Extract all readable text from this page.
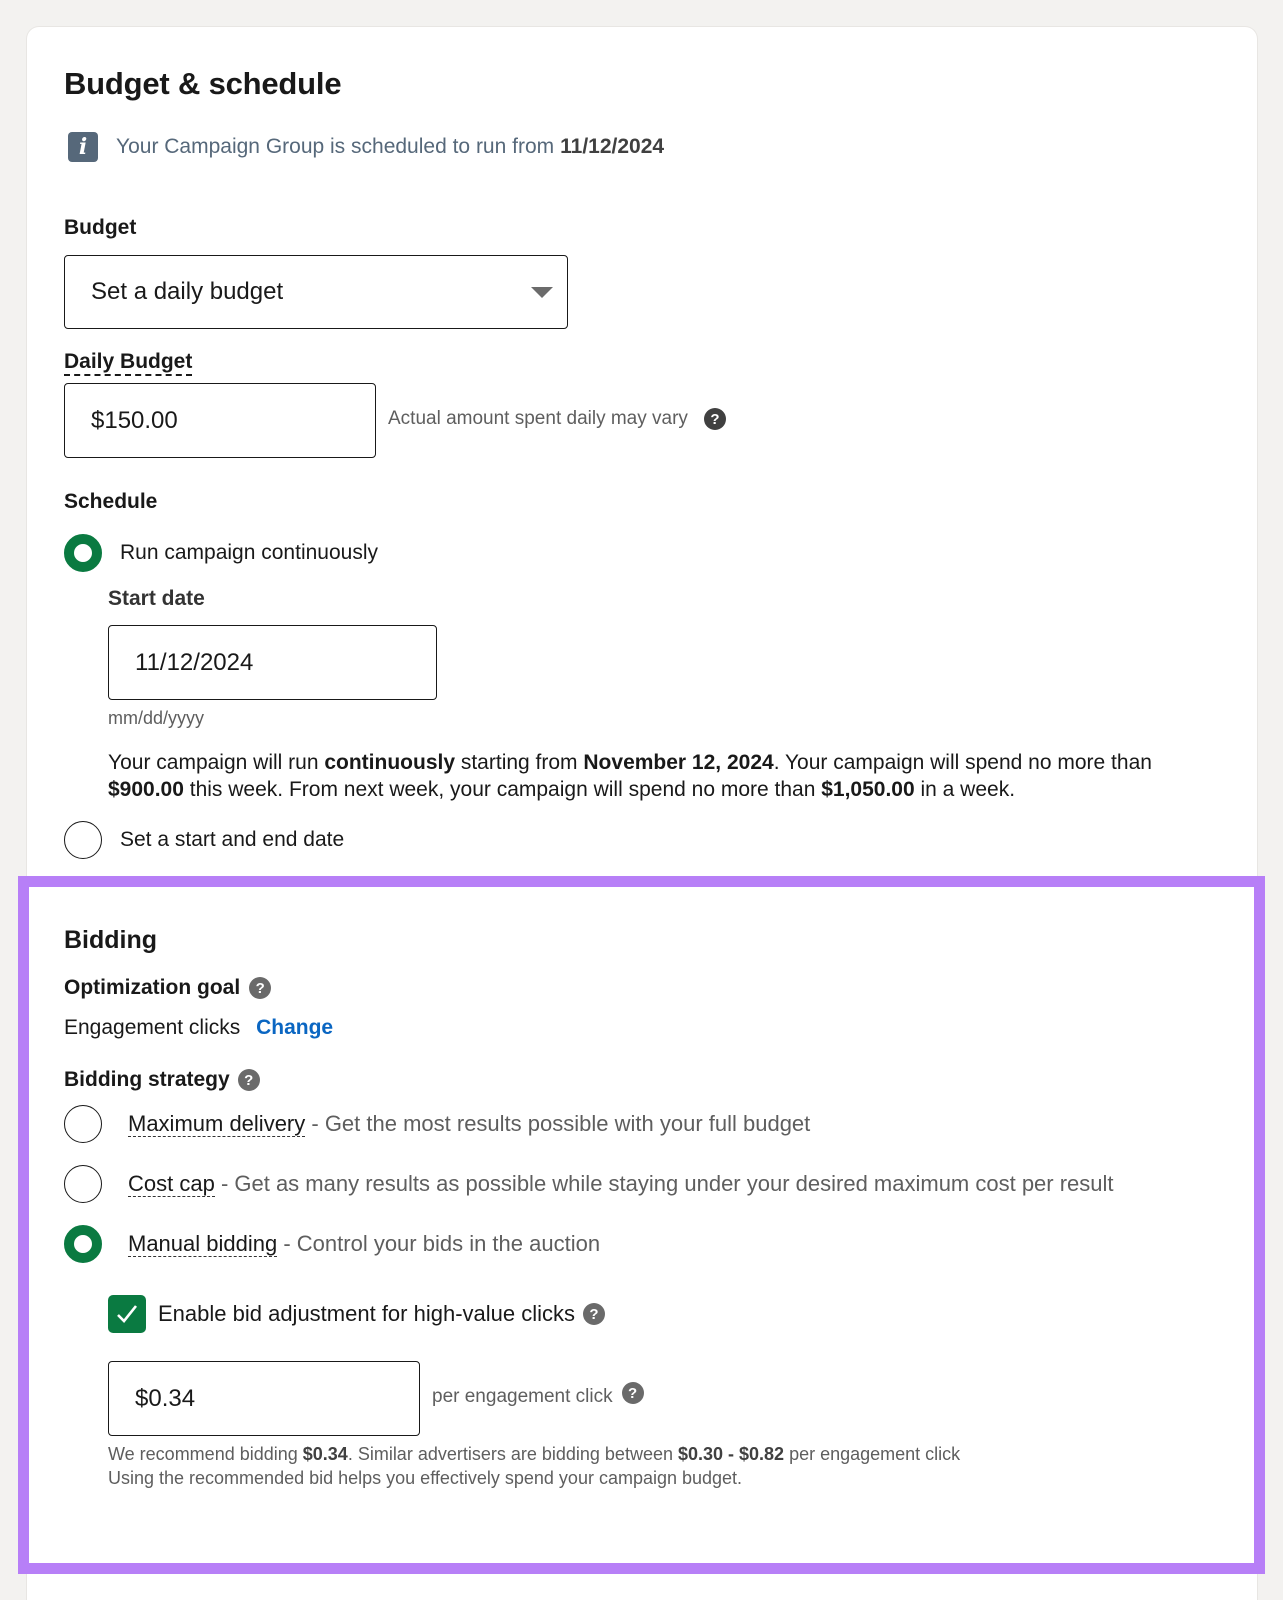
Budget & schedule
i	Your Campaign Group is scheduled to run from 11/12/2024
Budget
Set a daily budget
Daily Budget
$150.00	Actual amount spent daily may vary	?
Schedule
Run campaign continuously
Start date
11/12/2024
mm/dd/yyyy
Your campaign will run continuously starting from November 12, 2024. Your campaign will spend no more than $900.00 this week. From next week, your campaign will spend no more than $1,050.00 in a week.
Set a start and end date
Bidding
Optimization goal	?
Engagement clicks Change
Bidding strategy ?
Maximum delivery - Get the most results possible with your full budget
Cost cap - Get as many results as possible while staying under your desired maximum cost per result
Manual bidding - Control your bids in the auction
Enable bid adjustment for high-value clicks ?
$0.34	per engagement click	?
We recommend bidding $0.34. Similar advertisers are bidding between $0.30 - $0.82 per engagement click
Using the recommended bid helps you effectively spend your campaign budget.
